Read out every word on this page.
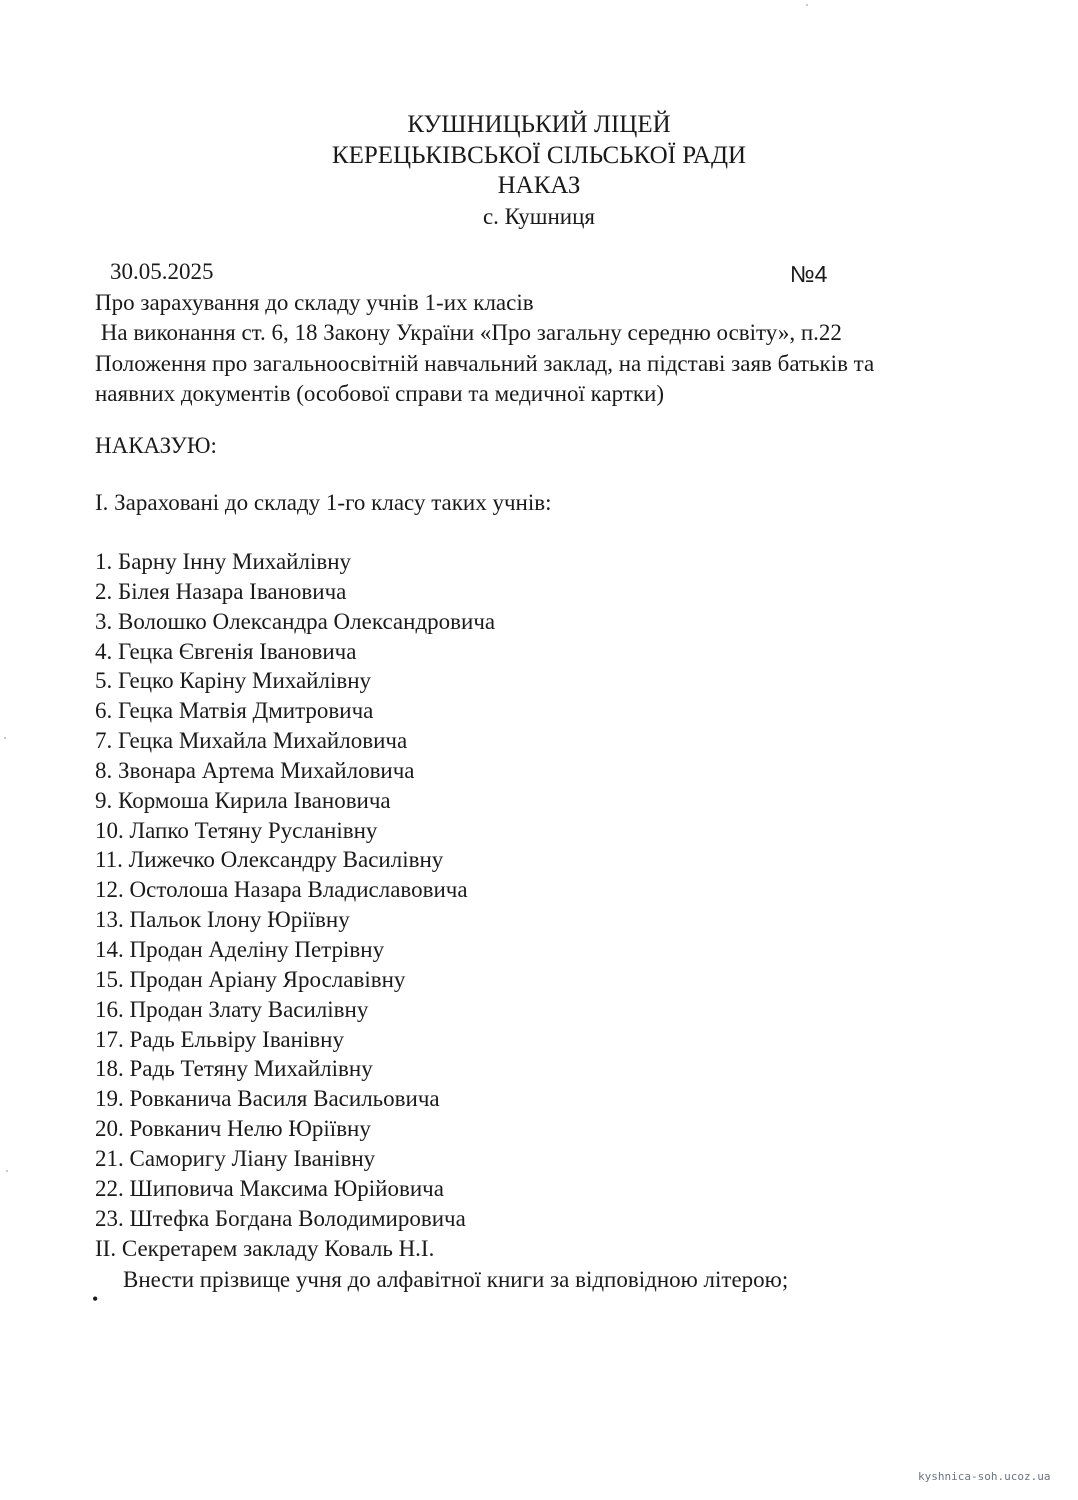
КУШНИЦЬКИЙ ЛІЦЕЙ
КЕРЕЦЬКІВСЬКОЇ СІЛЬСЬКОЇ РАДИ
НАКАЗ
с. Кушниця
30.05.2025	№4
Про зарахування до складу учнів 1-их класів
На виконання ст. 6, 18 Закону України «Про загальну середню освіту», п.22
Положення про загальноосвітній навчальний заклад, на підставі заяв батьків та
наявних документів (особової справи та медичної картки)
НАКАЗУЮ:
І. Зараховані до складу 1-го класу таких учнів:
1. Барну Інну Михайлівну
2. Білея Назара Івановича
3. Волошко Олександра Олександровича
4. Гецка Євгенія Івановича
5. Гецко Каріну Михайлівну
6. Гецка Матвія Дмитровича
7. Гецка Михайла Михайловича
8. Звонара Артема Михайловича
9. Кормоша Кирила Івановича
10. Лапко Тетяну Русланівну
11. Лижечко Олександру Василівну
12. Остолоша Назара Владиславовича
13. Пальок Ілону Юріївну
14. Продан Аделіну Петрівну
15. Продан Аріану Ярославівну
16. Продан Злату Василівну
17. Радь Ельвіру Іванівну
18. Радь Тетяну Михайлівну
19. Ровканича Василя Васильовича
20. Ровканич Нелю Юріївну
21. Саморигу Ліану Іванівну
22. Шиповича Максима Юрійовича
23. Штефка Богдана Володимировича
ІІ. Секретарем закладу Коваль Н.І.
•
Внести прізвище учня до алфавітної книги за відповідною літерою;
kyshnica-soh.ucoz.ua
